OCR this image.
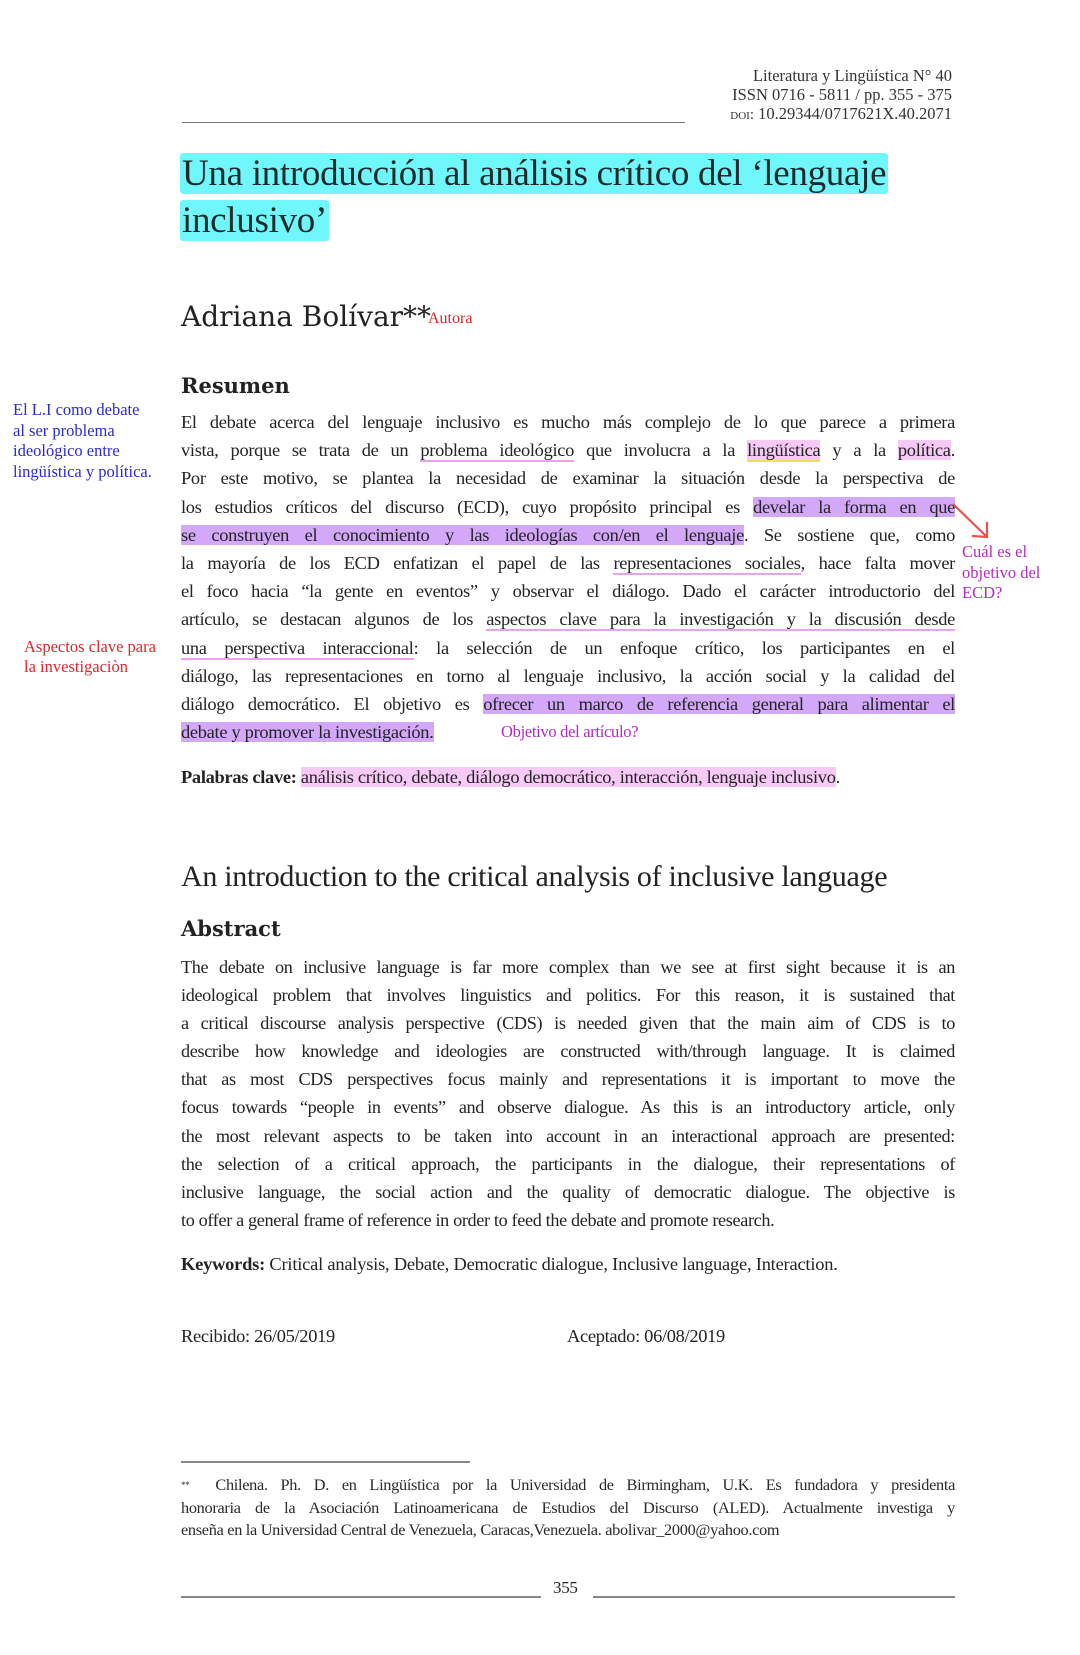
Literatura y Lingüística N° 40
ISSN 0716 - 5811 / pp. 355 - 375
doi: 10.29344/0717621X.40.2071
Una introducción al análisis crítico del ‘lenguaje
inclusivo’
Adriana Bolívar**
Autora
Resumen
El debate acerca del lenguaje inclusivo es mucho más complejo de lo que parece a primera
vista, porque se trata de un problema ideológico que involucra a la lingüística y a la política.
Por este motivo, se plantea la necesidad de examinar la situación desde la perspectiva de
los estudios críticos del discurso (ECD), cuyo propósito principal es develar la forma en que
se construyen el conocimiento y las ideologías con/en el lenguaje. Se sostiene que, como
la mayoría de los ECD enfatizan el papel de las representaciones sociales, hace falta mover
el foco hacia “la gente en eventos” y observar el diálogo. Dado el carácter introductorio del
artículo, se destacan algunos de los aspectos clave para la investigación y la discusión desde
una perspectiva interaccional: la selección de un enfoque crítico, los participantes en el
diálogo, las representaciones en torno al lenguaje inclusivo, la acción social y la calidad del
diálogo democrático. El objetivo es ofrecer un marco de referencia general para alimentar el
debate y promover la investigación.
El L.I como debate
al ser problema
ideológico entre
lingüística y política.
Aspectos clave para
la investigaciòn
Cuál es el
objetivo del
ECD?
Objetivo del artículo?
Palabras clave: análisis crítico, debate, diálogo democrático, interacción, lenguaje inclusivo.
An introduction to the critical analysis of inclusive language
Abstract
The debate on inclusive language is far more complex than we see at first sight because it is an
ideological problem that involves linguistics and politics. For this reason, it is sustained that
a critical discourse analysis perspective (CDS) is needed given that the main aim of CDS is to
describe how knowledge and ideologies are constructed with/through language. It is claimed
that as most CDS perspectives focus mainly and representations it is important to move the
focus towards “people in events” and observe dialogue. As this is an introductory article, only
the most relevant aspects to be taken into account in an interactional approach are presented:
the selection of a critical approach, the participants in the dialogue, their representations of
inclusive language, the social action and the quality of democratic dialogue. The objective is
to offer a general frame of reference in order to feed the debate and promote research.
Keywords: Critical analysis, Debate, Democratic dialogue, Inclusive language, Interaction.
Recibido: 26/05/2019	Aceptado: 06/08/2019
** Chilena. Ph. D. en Lingüística por la Universidad de Birmingham, U.K. Es fundadora y presidenta
honoraria de la Asociación Latinoamericana de Estudios del Discurso (ALED). Actualmente investiga y
enseña en la Universidad Central de Venezuela, Caracas,Venezuela. abolivar_2000@yahoo.com
355
